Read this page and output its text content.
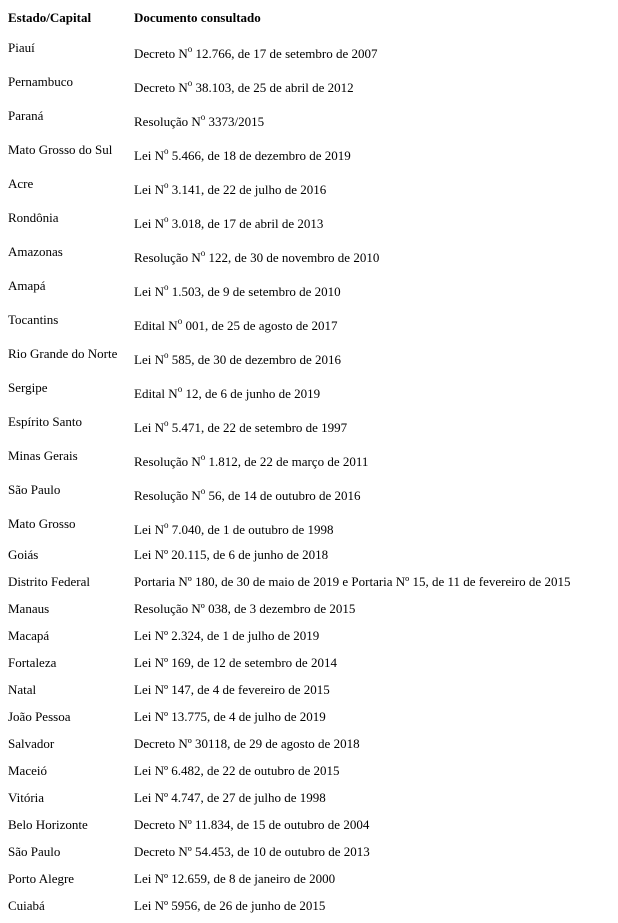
Estado/Capital	Documento consultado
Piauí	Decreto $N^o$ 12.766, de 17 de setembro de 2007
Pernambuco	Decreto $N^o$ 38.103, de 25 de abril de 2012
Paraná	Resolução $N^o$ 3373/2015
Mato Grosso do Sul Lei $N^o$ 5.466, de 18 de dezembro de 2019
Acre	Lei $N^o$ 3.141, de 22 de julho de 2016
Rondônia	Lei $N^o$ 3.018, de 17 de abril de 2013
Amazonas	Resolução $N^o$ 122, de 30 de novembro de 2010
Amapá	Lei $N^o$ 1.503, de 9 de setembro de 2010
Tocantins	Edital $N^o$ 001, de 25 de agosto de 2017
Rio Grande do Norte Lei $N^o$ 585, de 30 de dezembro de 2016
Sergipe	Edital $N^o$ 12, de 6 de junho de 2019
Espírito Santo	Lei $N^o$ 5.471, de 22 de setembro de 1997
Minas Gerais	Resolução $N^o$ 1.812, de 22 de março de 2011
São Paulo	Resolução $N^o$ 56, de 14 de outubro de 2016
Mato Grosso	Lei $N^o$ 7.040, de 1 de outubro de 1998
Goiás	Lei Nº 20.115, de 6 de junho de 2018
Distrito Federal	Portaria Nº 180, de 30 de maio de 2019 e Portaria Nº 15, de 11 de fevereiro de 2015
Manaus	Resolução Nº 038, de 3 dezembro de 2015
Macapá	Lei Nº 2.324, de 1 de julho de 2019
Fortaleza	Lei Nº 169, de 12 de setembro de 2014
Natal	Lei Nº 147, de 4 de fevereiro de 2015
João Pessoa	Lei Nº 13.775, de 4 de julho de 2019
Salvador	Decreto Nº 30118, de 29 de agosto de 2018
Maceió	Lei Nº 6.482, de 22 de outubro de 2015
Vitória	Lei Nº 4.747, de 27 de julho de 1998
Belo Horizonte	Decreto Nº 11.834, de 15 de outubro de 2004
São Paulo	Decreto Nº 54.453, de 10 de outubro de 2013
Porto Alegre	Lei Nº 12.659, de 8 de janeiro de 2000
Cuiabá	Lei Nº 5956, de 26 de junho de 2015
